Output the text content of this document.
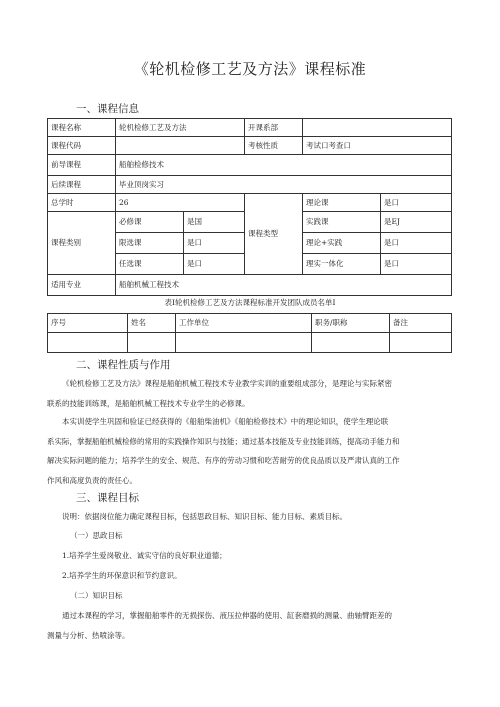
《轮机检修工艺及方法》课程标准
一、课程信息
课程名称	轮机检修工艺及方法		开课系部		
课程代码			考核性质	考试口考查口	
前导课程	船舶检修技术				
后续课程	毕业顶岗实习				
总学时	26		课程类型	理论课	是口
课程类别	必修课	是国		实践课	是EJ
	限选课	是口		理论+实践	是口
	任选课	是口		理实一体化	是口
适用专业	船舶机械工程技术				
表I轮机检修工艺及方法课程标准开发团队成员名单I
序号	姓名	工作单位	职务/职称	备注

二、课程性质与作用
《轮机检修工艺及方法》课程是船舶机械工程技术专业教学实训的重要组成部分，是理论与实际紧密
联系的技能训练课，是船舶机械工程技术专业学生的必修课。
本实训使学生巩固和验证已经获得的《船舶柴油机》《船舶检修技术》中的理论知识，使学生理论联
系实际，掌握船舶机械检修的常用的实践操作知识与技能；通过基本技能及专业技能训练，提高动手能力和
解决实际问题的能力；培养学生的安全、规范、有序的劳动习惯和吃苦耐劳的优良品质以及严肃认真的工作
作风和高度负责的责任心。
三、课程目标
说明：依据岗位能力确定课程目标，包括思政目标、知识目标、能力目标、素质目标。
（一）思政目标
1.培养学生爱岗敬业、诚实守信的良好职业道德；
2.培养学生的环保意识和节约意识。
（二）知识目标
通过本课程的学习，掌握船舶零件的无损探伤、液压拉伸器的使用、缸套磨损的测量、曲轴臂距差的
测量与分析、热喷涂等。
